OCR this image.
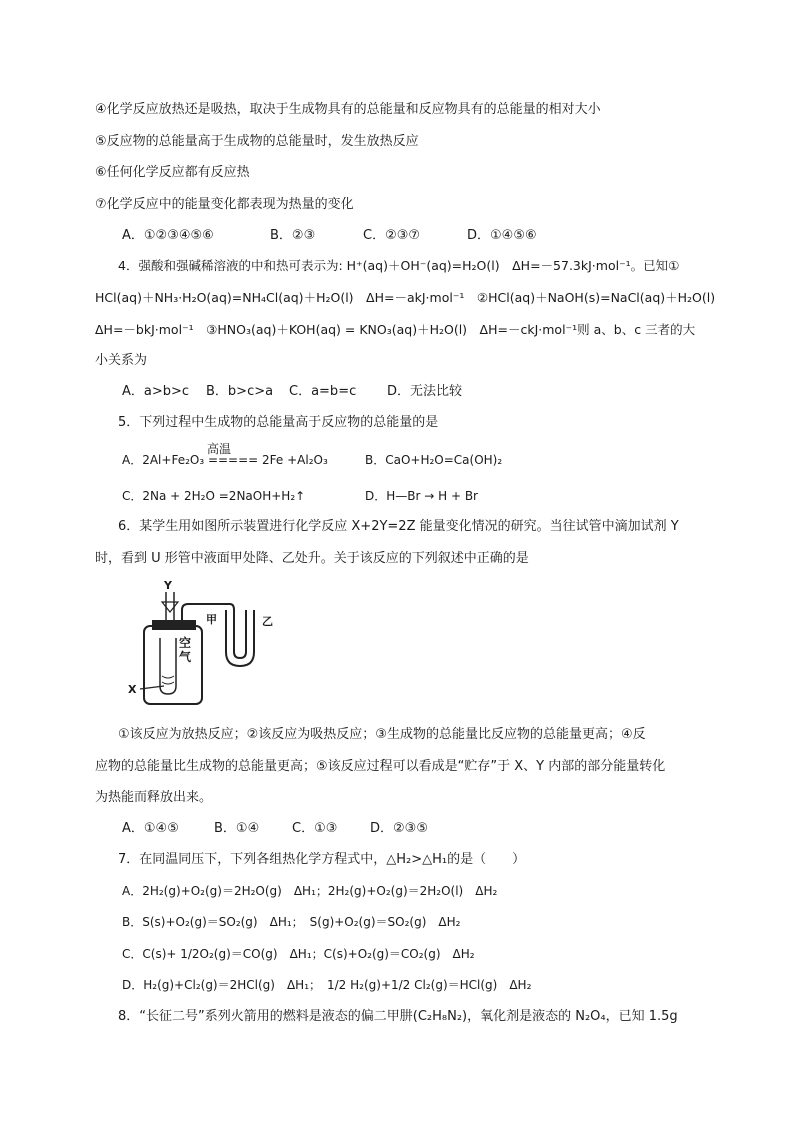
④化学反应放热还是吸热，取决于生成物具有的总能量和反应物具有的总能量的相对大小
⑤反应物的总能量高于生成物的总能量时，发生放热反应
⑥任何化学反应都有反应热
⑦化学反应中的能量变化都表现为热量的变化
A．①②③④⑤⑥	B．②③	C．②③⑦	D．①④⑤⑥
4．强酸和强碱稀溶液的中和热可表示为: H⁺(aq)＋OH⁻(aq)=H₂O(l)　ΔH=－57.3kJ·mol⁻¹。已知①
HCl(aq)＋NH₃·H₂O(aq)=NH₄Cl(aq)＋H₂O(l)　ΔH=－akJ·mol⁻¹　②HCl(aq)＋NaOH(s)=NaCl(aq)＋H₂O(l)
ΔH=－bkJ·mol⁻¹　③HNO₃(aq)＋KOH(aq) = KNO₃(aq)＋H₂O(l)　ΔH=－ckJ·mol⁻¹则 a、b、c 三者的大
小关系为
A．a>b>c B．b>c>a C．a=b=c D．无法比较
5．下列过程中生成物的总能量高于反应物的总能量的是
高温
A．2Al+Fe₂O₃ ===== 2Fe +Al₂O₃	B．CaO+H₂O=Ca(OH)₂
C．2Na + 2H₂O =2NaOH+H₂↑	D．H—Br → H + Br
6．某学生用如图所示装置进行化学反应 X+2Y=2Z 能量变化情况的研究。当往试管中滴加试剂 Y
时，看到 U 形管中液面甲处降、乙处升。关于该反应的下列叙述中正确的是
Y
X
空气
甲	乙
①该反应为放热反应；②该反应为吸热反应；③生成物的总能量比反应物的总能量更高；④反
应物的总能量比生成物的总能量更高；⑤该反应过程可以看成是“贮存”于 X、Y 内部的部分能量转化
为热能而释放出来。
A．①④⑤	B．①④	C．①③	D．②③⑤
7．在同温同压下，下列各组热化学方程式中，△H₂>△H₁的是（　　）
A．2H₂(g)+O₂(g)＝2H₂O(g)　ΔH₁；2H₂(g)+O₂(g)＝2H₂O(l)　ΔH₂
B．S(s)+O₂(g)＝SO₂(g)　ΔH₁；　S(g)+O₂(g)＝SO₂(g)　ΔH₂
C．C(s)+ 1/2O₂(g)＝CO(g)　ΔH₁；C(s)+O₂(g)＝CO₂(g)　ΔH₂
D．H₂(g)+Cl₂(g)＝2HCl(g)　ΔH₁；　1/2 H₂(g)+1/2 Cl₂(g)＝HCl(g)　ΔH₂
8．“长征二号”系列火箭用的燃料是液态的偏二甲肼(C₂H₈N₂)，氧化剂是液态的 N₂O₄，已知 1.5g
